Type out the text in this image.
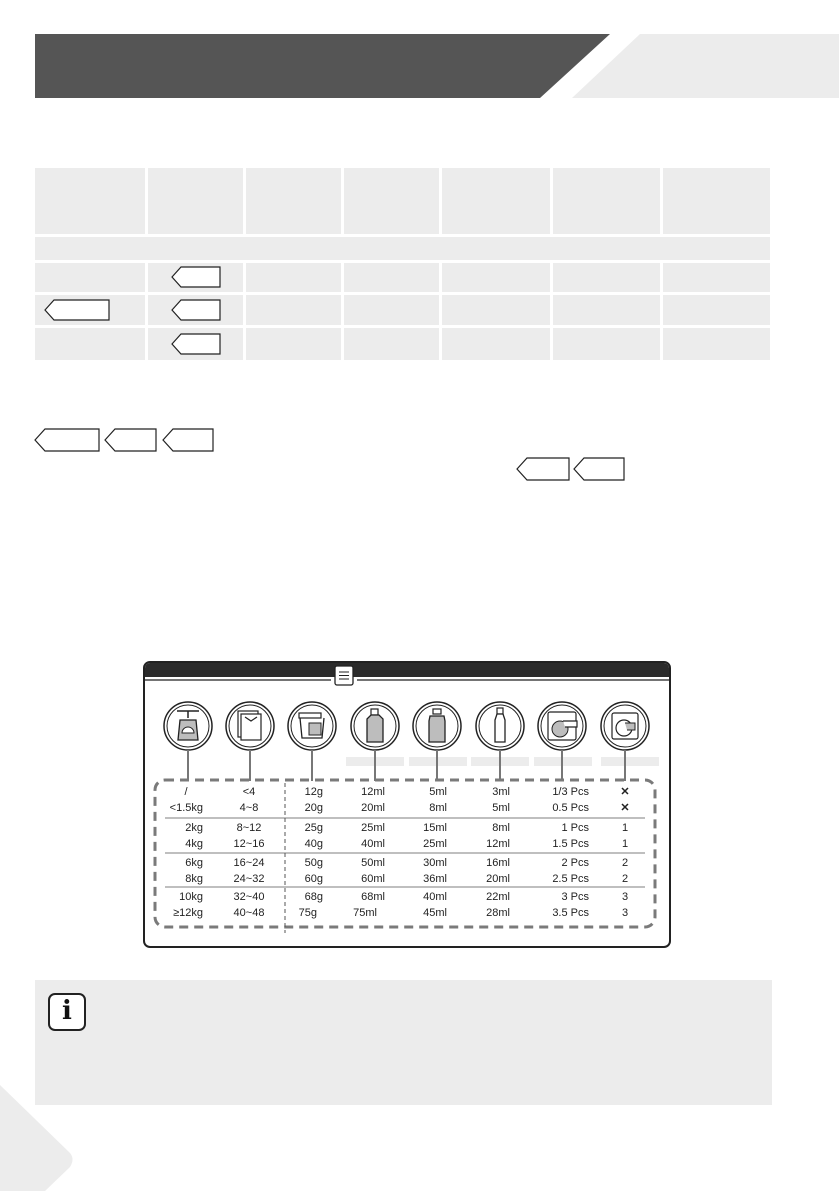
/	<4	12g	12ml	5ml	3ml	1/3 Pcs	✕
<1.5kg	4~8	20g	20ml	8ml	5ml	0.5 Pcs	✕
2kg	8~12	25g	25ml	15ml	8ml	1 Pcs	1
4kg	12~16	40g	40ml	25ml	12ml	1.5 Pcs	1
6kg	16~24	50g	50ml	30ml	16ml	2 Pcs	2
8kg	24~32	60g	60ml	36ml	20ml	2.5 Pcs	2
10kg	32~40	68g	68ml	40ml	22ml	3 Pcs	3
≥12kg	40~48	75g	75ml	45ml	28ml	3.5 Pcs	3
i
